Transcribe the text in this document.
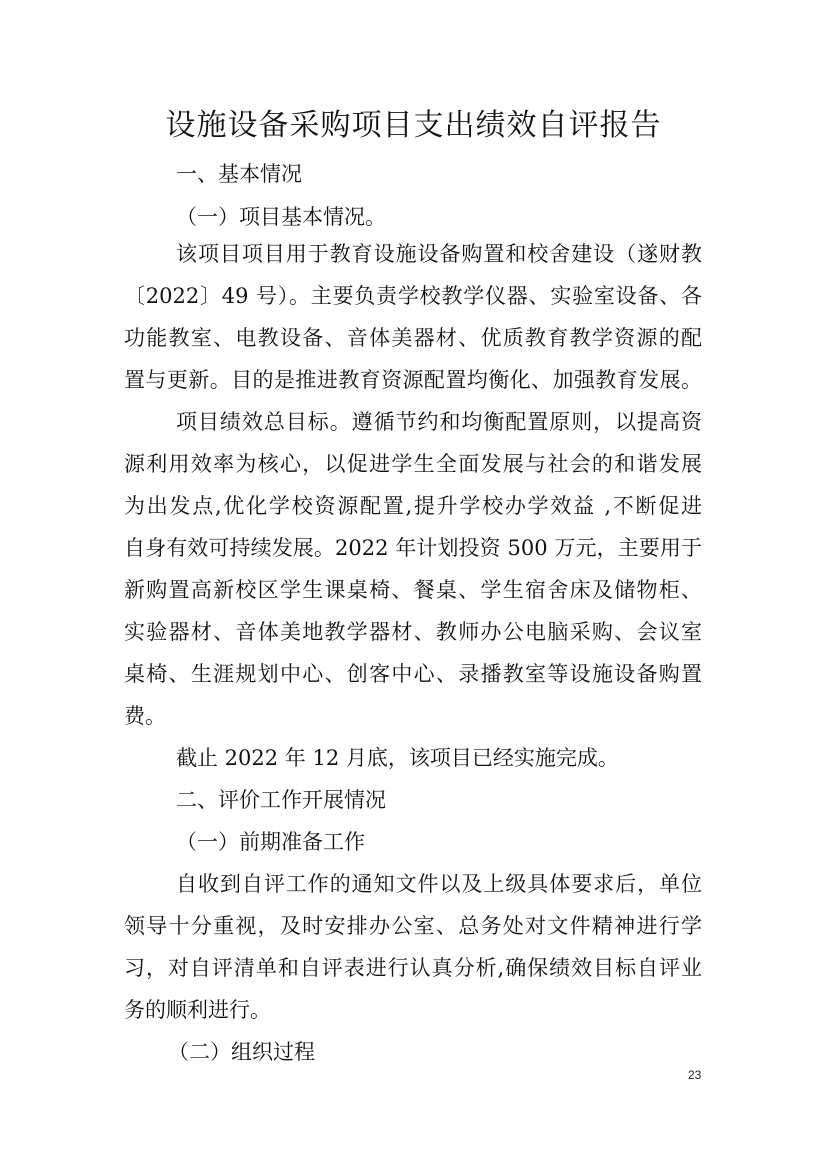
设施设备采购项目支出绩效自评报告
一、基本情况
（一）项目基本情况。
该项目项目用于教育设施设备购置和校舍建设（遂财教
〔2022〕49 号）。主要负责学校教学仪器、实验室设备、各
功能教室、电教设备、音体美器材、优质教育教学资源的配
置与更新。目的是推进教育资源配置均衡化、加强教育发展。
项目绩效总目标。遵循节约和均衡配置原则，以提高资
源利用效率为核心，以促进学生全面发展与社会的和谐发展
为出发点,优化学校资源配置,提升学校办学效益 ,不断促进
自身有效可持续发展。2022 年计划投资 500 万元，主要用于
新购置高新校区学生课桌椅、餐桌、学生宿舍床及储物柜、
实验器材、音体美地教学器材、教师办公电脑采购、会议室
桌椅、生涯规划中心、创客中心、录播教室等设施设备购置
费。
截止 2022 年 12 月底，该项目已经实施完成。
二、评价工作开展情况
（一）前期准备工作
自收到自评工作的通知文件以及上级具体要求后，单位
领导十分重视，及时安排办公室、总务处对文件精神进行学
习，对自评清单和自评表进行认真分析,确保绩效目标自评业
务的顺利进行。
（二）组织过程
23
